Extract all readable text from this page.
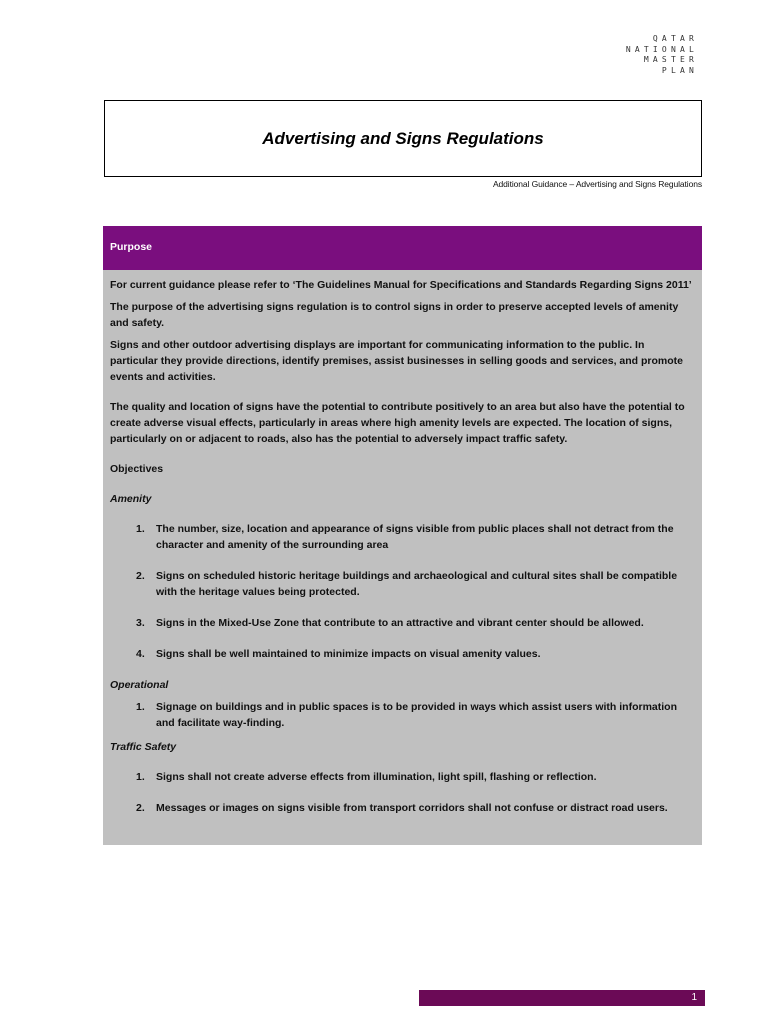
QATAR
NATIONAL
MASTER
PLAN
Advertising and Signs Regulations
Additional Guidance – Advertising and Signs Regulations
Purpose

For current guidance please refer to ‘The Guidelines Manual for Specifications and Standards Regarding Signs 2011’

The purpose of the advertising signs regulation is to control signs in order to preserve accepted levels of amenity and safety.

Signs and other outdoor advertising displays are important for communicating information to the public. In particular they provide directions, identify premises, assist businesses in selling goods and services, and promote events and activities.

The quality and location of signs have the potential to contribute positively to an area but also have the potential to create adverse visual effects, particularly in areas where high amenity levels are expected. The location of signs, particularly on or adjacent to roads, also has the potential to adversely impact traffic safety.

Objectives

Amenity

1.	The number, size, location and appearance of signs visible from public places shall not detract from the character and amenity of the surrounding area
2.	Signs on scheduled historic heritage buildings and archaeological and cultural sites shall be compatible with the heritage values being protected.
3.	Signs in the Mixed-Use Zone that contribute to an attractive and vibrant center should be allowed.
4.	Signs shall be well maintained to minimize impacts on visual amenity values.

Operational

1.	Signage on buildings and in public spaces is to be provided in ways which assist users with information and facilitate way-finding.

Traffic Safety

1.	Signs shall not create adverse effects from illumination, light spill, flashing or reflection.
2.	Messages or images on signs visible from transport corridors shall not confuse or distract road users.
1
